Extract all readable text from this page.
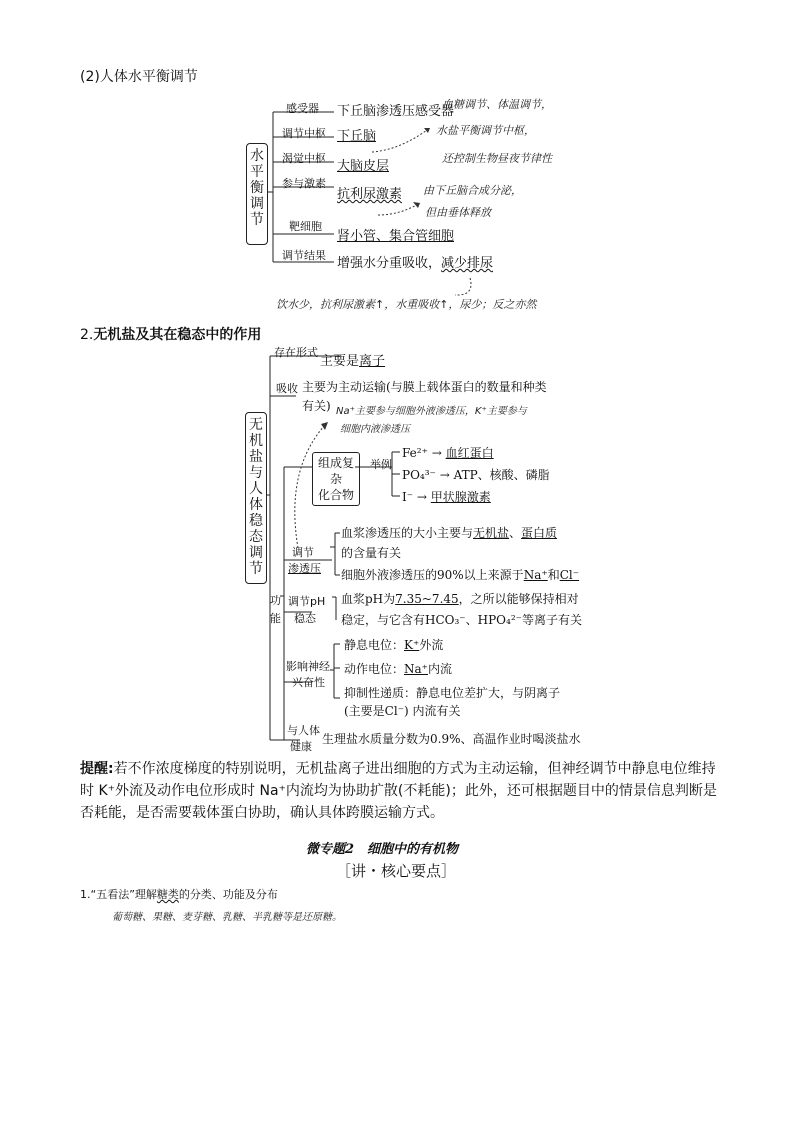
(2)人体水平衡调节
水
平
衡
调
节
感受器
调节中枢
渴觉中枢
参与激素
靶细胞
调节结果
下丘脑渗透压感受器
下丘脑
大脑皮层
抗利尿激素
肾小管、集合管细胞
增强水分重吸收，减少排尿
血糖调节、体温调节，
水盐平衡调节中枢，
还控制生物昼夜节律性
由下丘脑合成分泌，
但由垂体释放
饮水少，抗利尿激素↑，水重吸收↑，尿少；反之亦然
2.无机盐及其在稳态中的作用
无
机
盐
与
人
体
稳
态
调
节
存在形式
主要是离子
吸收 主要为主动运输(与膜上载体蛋白的数量和种类
有关) Na⁺主要参与细胞外液渗透压，K⁺主要参与
细胞内液渗透压
功
能
组成复杂
化合物
举例
Fe²⁺ → 血红蛋白
PO₄³⁻ → ATP、核酸、磷脂
I⁻ → 甲状腺激素
调节
渗透压
血浆渗透压的大小主要与无机盐、蛋白质
的含量有关
细胞外液渗透压的90%以上来源于Na⁺和Cl⁻
调节pH
稳态
血浆pH为7.35~7.45，之所以能够保持相对
稳定，与它含有HCO₃⁻、HPO₄²⁻等离子有关
影响神经
兴奋性
静息电位：K⁺外流
动作电位：Na⁺内流
抑制性递质：静息电位差扩大，与阴离子
(主要是Cl⁻) 内流有关
与人体
健康
生理盐水质量分数为0.9%、高温作业时喝淡盐水
提醒:若不作浓度梯度的特别说明，无机盐离子进出细胞的方式为主动运输，但神经调节中静息电位维持时 K⁺外流及动作电位形成时 Na⁺内流均为协助扩散(不耗能)；此外，还可根据题目中的情景信息判断是否耗能，是否需要载体蛋白协助，确认具体跨膜运输方式。
微专题2　细胞中的有机物
［讲・核心要点］
1.“五看法”理解糖类的分类、功能及分布
葡萄糖、果糖、麦芽糖、乳糖、半乳糖等是还原糖。
